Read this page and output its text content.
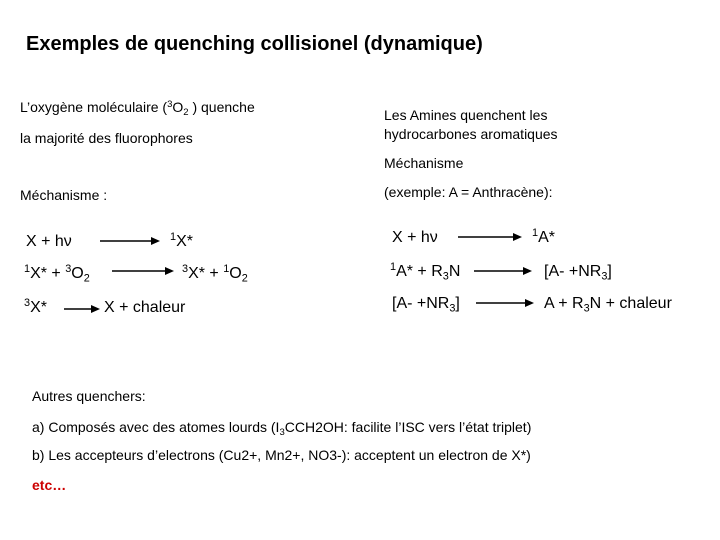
Exemples de quenching collisionel (dynamique)
L’oxygène moléculaire ($^3O_2$ ) quenche
la majorité des fluorophores
Méchanisme :
X + hν	$^1$X*
$^1X* + ^3O_2$
$^3X* + ^1O_2$
$^3$X*	X + chaleur
Les Amines quenchent les
hydrocarbones aromatiques
Méchanisme
(exemple: A = Anthracène):
X + hν	$^1$A*
$^1A* + R_3N$	$[A- +NR_3]$
$[A- +NR_3]$	$A + R_3N$ + chaleur
Autres quenchers:
a) Composés avec des atomes lourds ($I_3CCH2OH$: facilite l’ISC vers l’état triplet)
b) Les accepteurs d’electrons (Cu2+, Mn2+, NO3-): acceptent un electron de X*)
etc…
